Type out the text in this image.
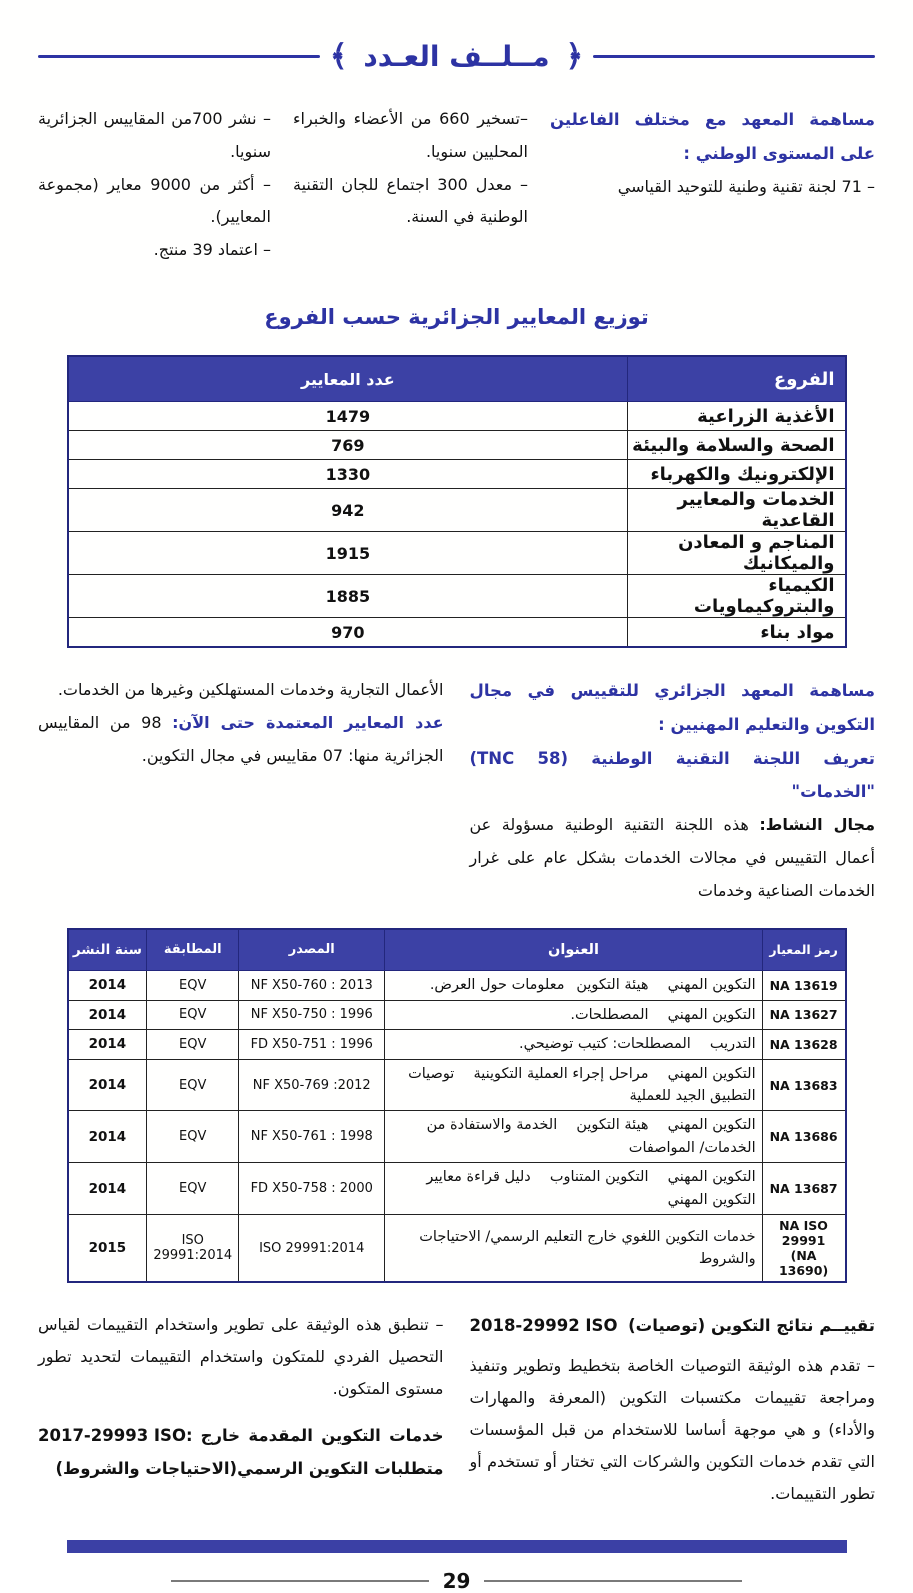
﴾ مــلــف العـدد ﴿

مساهمة المعهد مع مختلف الفاعلين على المستوى الوطني :

– 71 لجنة تقنية وطنية للتوحيد القياسي

–تسخير 660 من الأعضاء والخبراء المحليين سنويا.

– معدل 300 اجتماع للجان التقنية الوطنية في السنة.

– نشر 700من المقاييس الجزائرية سنويا.

– أكثر من 9000 معاير (مجموعة المعايير).

– اعتماد 39 منتج.

توزيع المعايير الجزائرية حسب الفروع
الفروع	عدد المعايير
الأغذية الزراعية	1479
الصحة والسلامة والبيئة	769
الإلكترونيك والكهرباء	1330
الخدمات والمعايير القاعدية	942
المناجم و المعادن والميكانيك	1915
الكيمياء والبتروكيماويات	1885
مواد بناء	970
مساهمة المعهد الجزائري للتقييس في مجال التكوين والتعليم المهنيين :
تعريف اللجنة التقنية الوطنية (TNC 58) "الخدمات"

مجال النشاط: هذه اللجنة التقنية الوطنية مسؤولة عن أعمال التقييس في مجالات الخدمات بشكل عام على غرار الخدمات الصناعية وخدمات

الأعمال التجارية وخدمات المستهلكين وغيرها من الخدمات.

عدد المعايير المعتمدة حتى الآن: 98 من المقاييس الجزائرية منها: 07 مقاييس في مجال التكوين.

رمز المعيار	العنوان	المصدر	المطابقة	سنة النشر
NA 13619	التكوين المهني  هيئة التكوين  معلومات حول العرض.	NF X50-760 : 2013	EQV	2014
NA 13627	التكوين المهني  المصطلحات.	NF X50-750 : 1996	EQV	2014
NA 13628	التدريب  المصطلحات: كتيب توضيحي.	FD X50-751 : 1996	EQV	2014
NA 13683	التكوين المهني  مراحل إجراء العملية التكوينية  توصيات التطبيق الجيد للعملية	NF X50-769 :2012	EQV	2014
NA 13686	التكوين المهني  هيئة التكوين  الخدمة والاستفادة من الخدمات/ المواصفات	NF X50-761 : 1998	EQV	2014
NA 13687	التكوين المهني  التكوين المتناوب  دليل قراءة معايير التكوين المهني	FD X50-758 : 2000	EQV	2014
NA ISO 29991 (NA 13690)	خدمات التكوين اللغوي خارج التعليم الرسمي/ الاحتياجات والشروط	ISO 29991:2014	ISO 29991:2014	2015
2018-29992 ISO تقييــم نتائج التكوين (توصيات)

– تقدم هذه الوثيقة التوصيات الخاصة بتخطيط وتطوير وتنفيذ ومراجعة تقييمات مكتسبات التكوين (المعرفة والمهارات والأداء) و هي موجهة أساسا للاستخدام من قبل المؤسسات التي تقدم خدمات التكوين والشركات التي تختار أو تستخدم أو تطور التقييمات.

– تنطبق هذه الوثيقة على تطوير واستخدام التقييمات لقياس التحصيل الفردي للمتكون واستخدام التقييمات لتحديد تطور مستوى المتكون.

2017-29993 ISO: خدمات التكوين المقدمة خارج متطلبات التكوين الرسمي(الاحتياجات والشروط)
29
